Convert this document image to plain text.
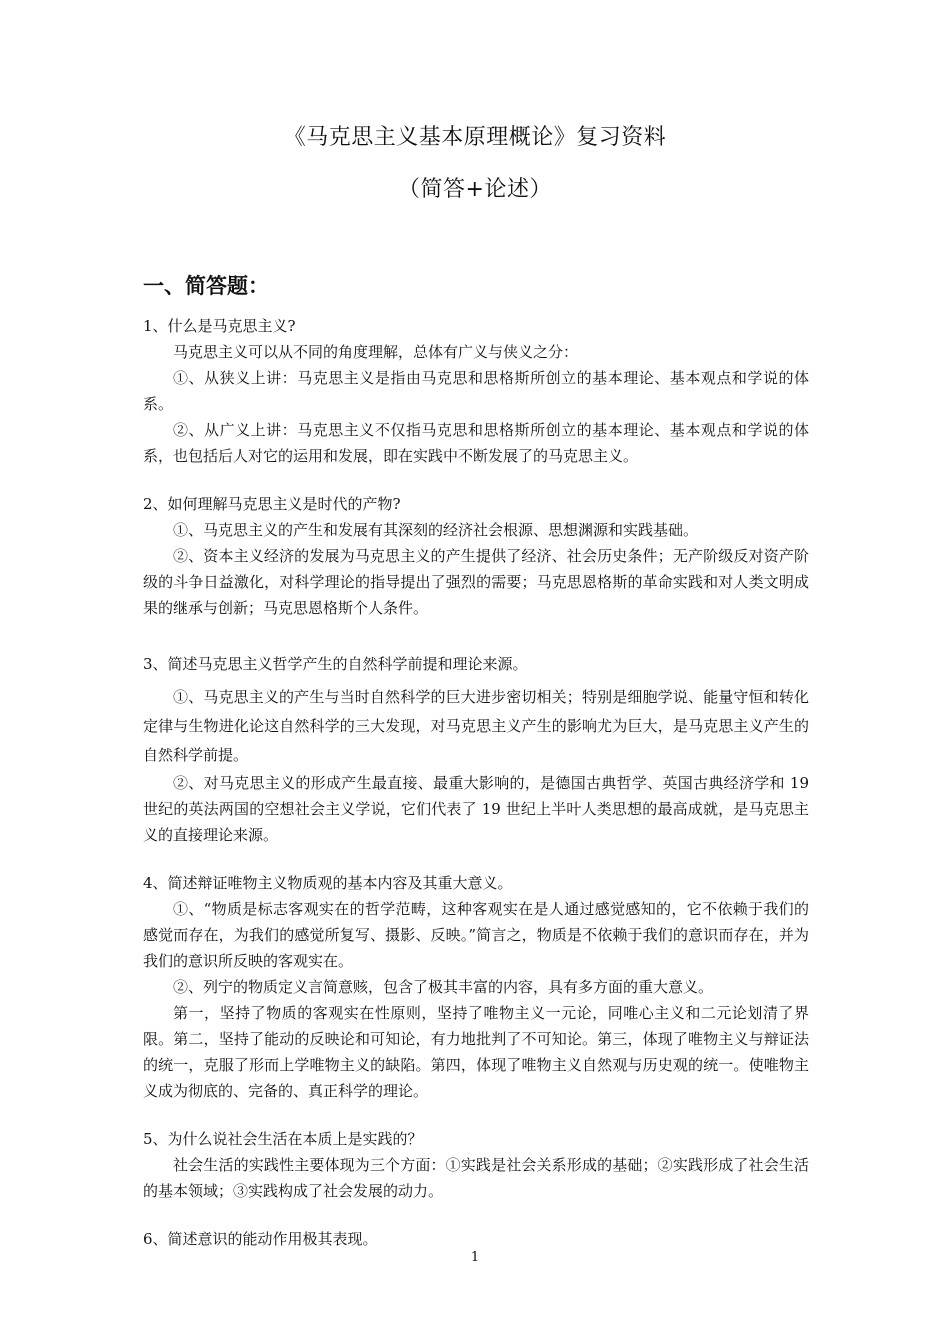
《马克思主义基本原理概论》复习资料
（简答+论述）
一、简答题：

1、什么是马克思主义?

马克思主义可以从不同的角度理解，总体有广义与侠义之分：

①、从狭义上讲：马克思主义是指由马克思和思格斯所创立的基本理论、基本观点和学说的体系。

②、从广义上讲：马克思主义不仅指马克思和思格斯所创立的基本理论、基本观点和学说的体系，也包括后人对它的运用和发展，即在实践中不断发展了的马克思主义。

2、如何理解马克思主义是时代的产物?

①、马克思主义的产生和发展有其深刻的经济社会根源、思想渊源和实践基础。

②、资本主义经济的发展为马克思主义的产生提供了经济、社会历史条件；无产阶级反对资产阶级的斗争日益激化，对科学理论的指导提出了强烈的需要；马克思恩格斯的革命实践和对人类文明成果的继承与创新；马克思恩格斯个人条件。

3、简述马克思主义哲学产生的自然科学前提和理论来源。

①、马克思主义的产生与当时自然科学的巨大进步密切相关；特别是细胞学说、能量守恒和转化定律与生物进化论这自然科学的三大发现，对马克思主义产生的影响尤为巨大，是马克思主义产生的自然科学前提。

②、对马克思主义的形成产生最直接、最重大影响的，是德国古典哲学、英国古典经济学和 19 世纪的英法两国的空想社会主义学说，它们代表了 19 世纪上半叶人类思想的最高成就，是马克思主义的直接理论来源。

4、简述辩证唯物主义物质观的基本内容及其重大意义。

①、“物质是标志客观实在的哲学范畴，这种客观实在是人通过感觉感知的，它不依赖于我们的感觉而存在，为我们的感觉所复写、摄影、反映。”简言之，物质是不依赖于我们的意识而存在，并为我们的意识所反映的客观实在。

②、列宁的物质定义言简意赅，包含了极其丰富的内容，具有多方面的重大意义。

第一，坚持了物质的客观实在性原则，坚持了唯物主义一元论，同唯心主义和二元论划清了界限。第二，坚持了能动的反映论和可知论，有力地批判了不可知论。第三，体现了唯物主义与辩证法的统一，克服了形而上学唯物主义的缺陷。第四，体现了唯物主义自然观与历史观的统一。使唯物主义成为彻底的、完备的、真正科学的理论。

5、为什么说社会生活在本质上是实践的？

社会生活的实践性主要体现为三个方面：①实践是社会关系形成的基础；②实践形成了社会生活的基本领域；③实践构成了社会发展的动力。

6、简述意识的能动作用极其表现。

1
